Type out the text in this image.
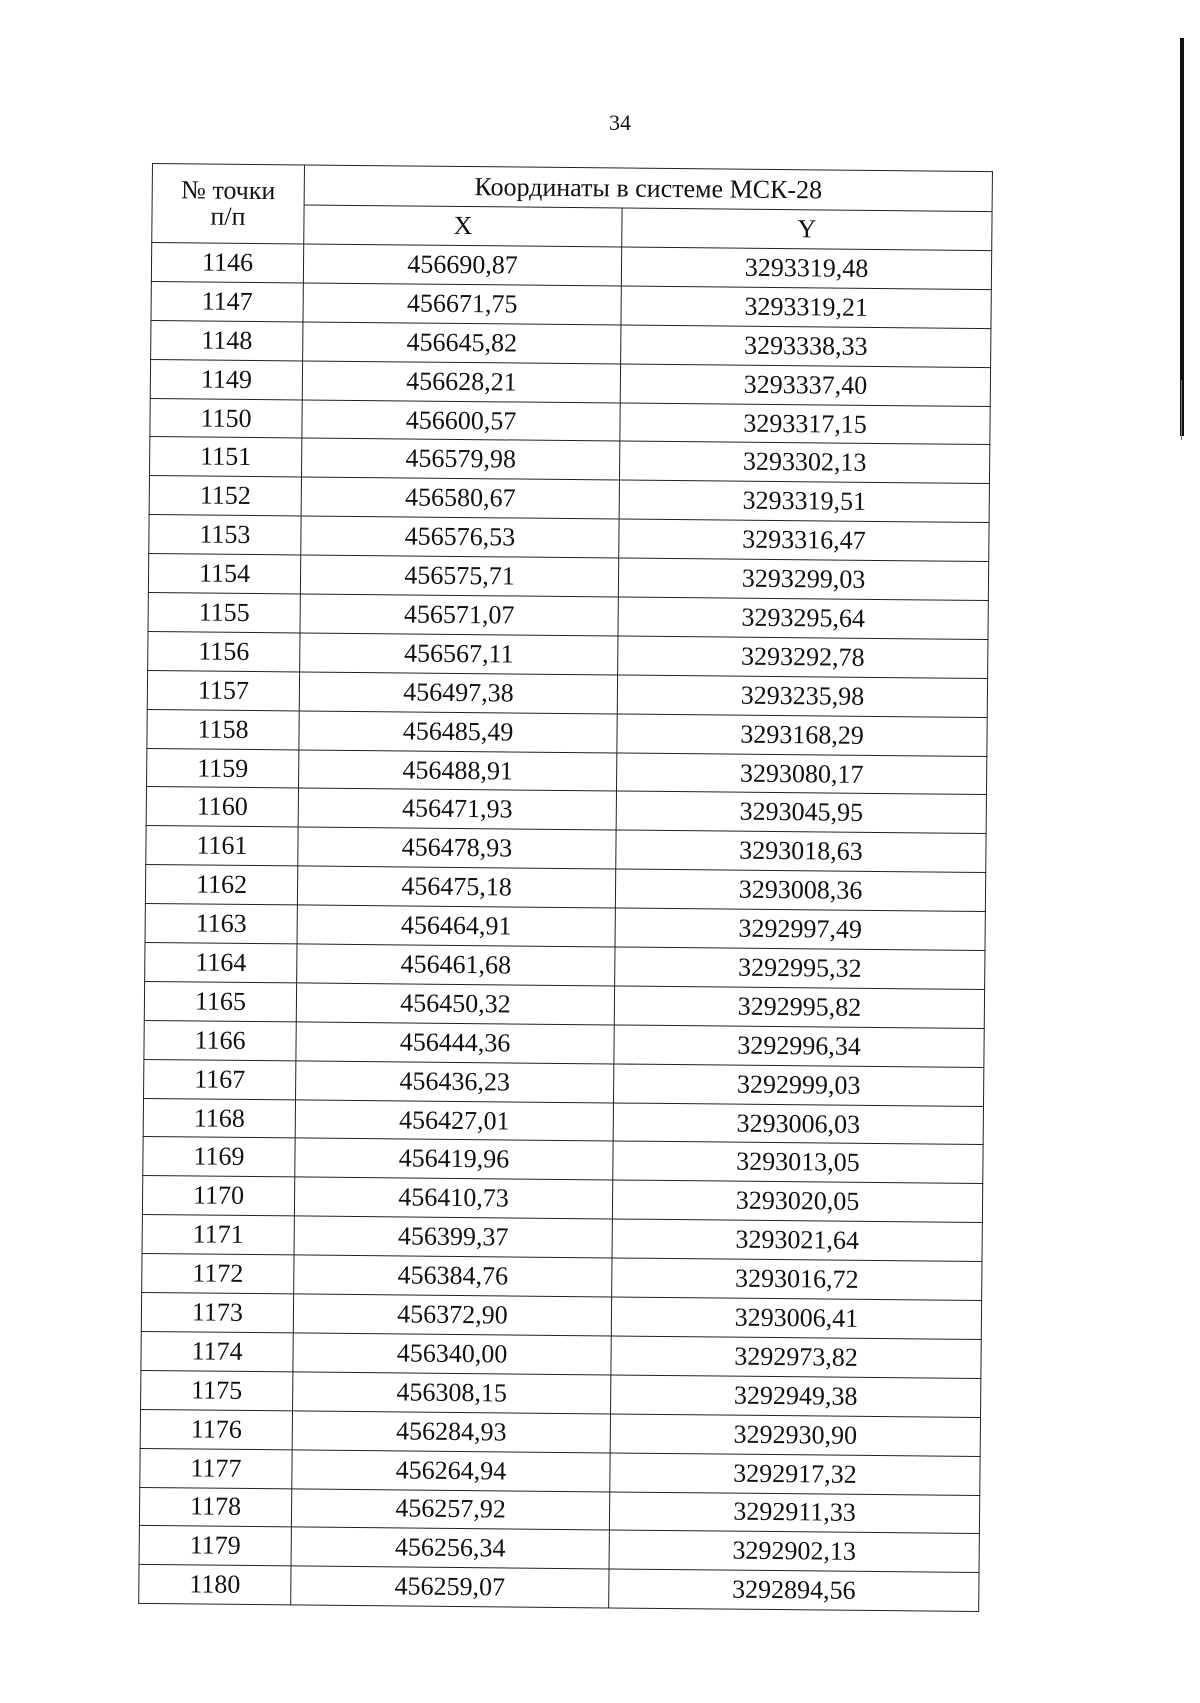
34
№ точки
п/п	Координаты в системе МСК-28	
	X	Y
1146	456690,87	3293319,48
1147	456671,75	3293319,21
1148	456645,82	3293338,33
1149	456628,21	3293337,40
1150	456600,57	3293317,15
1151	456579,98	3293302,13
1152	456580,67	3293319,51
1153	456576,53	3293316,47
1154	456575,71	3293299,03
1155	456571,07	3293295,64
1156	456567,11	3293292,78
1157	456497,38	3293235,98
1158	456485,49	3293168,29
1159	456488,91	3293080,17
1160	456471,93	3293045,95
1161	456478,93	3293018,63
1162	456475,18	3293008,36
1163	456464,91	3292997,49
1164	456461,68	3292995,32
1165	456450,32	3292995,82
1166	456444,36	3292996,34
1167	456436,23	3292999,03
1168	456427,01	3293006,03
1169	456419,96	3293013,05
1170	456410,73	3293020,05
1171	456399,37	3293021,64
1172	456384,76	3293016,72
1173	456372,90	3293006,41
1174	456340,00	3292973,82
1175	456308,15	3292949,38
1176	456284,93	3292930,90
1177	456264,94	3292917,32
1178	456257,92	3292911,33
1179	456256,34	3292902,13
1180	456259,07	3292894,56
